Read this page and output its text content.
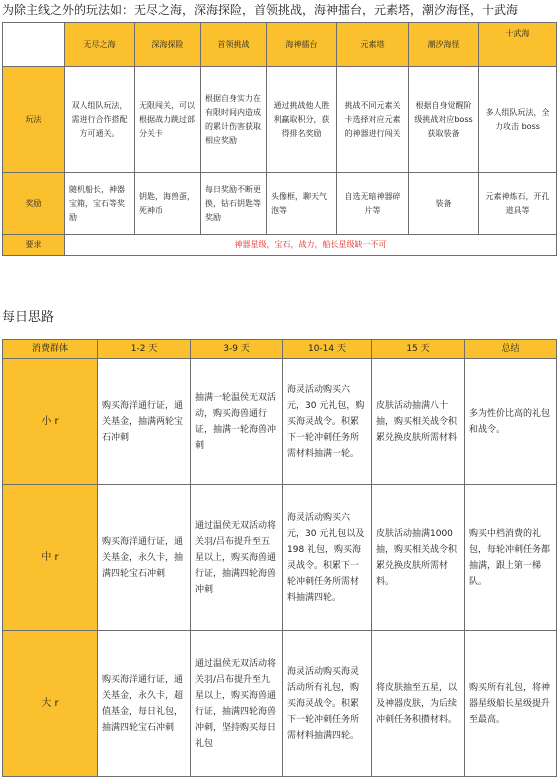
为除主线之外的玩法如：无尽之海，深海探险，首领挑战，海神擂台，元素塔，潮汐海怪，十武海
	无尽之海	深海探险	首领挑战	海神擂台	元素塔	潮汐海怪	十武海
玩法	双人组队玩法，需进行合作搭配方可通关。	无限闯关，可以根据战力跳过部分关卡	根据自身实力在有限时间内造成的累计伤害获取相应奖励	通过挑战他人胜利赢取积分，获得排名奖励	挑战不同元素关卡选择对应元素的神器进行闯关	根据自身觉醒阶级挑战对应boss获取装备	多人组队玩法，全力攻击 boss
奖励	随机船长，神器宝箱，宝石等奖励	钥匙，海兽蛋，死神币	每日奖励不断更换，钻石钥匙等奖励	头像框，聊天气泡等	自选无暗神器碎片等	装备	元素神炼石，开孔道具等
要求	神器星级，宝石，战力，船长星级缺一不可						
每日思路
消费群体	1-2 天	3-9 天	10-14 天	15 天	总结
小 r	购买海洋通行证，通关基金，抽满两轮宝石冲刺	抽满一轮温侯无双活动，购买海兽通行证，抽满一轮海兽冲刺	海灵活动购买六元，30 元礼包，购买海灵战令。积累下一轮冲刺任务所需材料抽满一轮。	皮肤活动抽满八十抽，购买相关战令积累兑换皮肤所需材料	多为性价比高的礼包和战令。
中 r	购买海洋通行证，通关基金，永久卡，抽满四轮宝石冲刺	通过温侯无双活动将关羽/吕布提升至五星以上，购买海兽通行证，抽满四轮海兽冲刺	海灵活动购买六元，30 元礼包以及 198 礼包，购买海灵战令。积累下一轮冲刺任务所需材料抽满四轮。	皮肤活动抽满1000 抽，购买相关战令积累兑换皮肤所需材料。	购买中档消费的礼包，每轮冲刺任务都抽满，跟上第一梯队。
大 r	购买海洋通行证，通关基金，永久卡，超值基金，每日礼包，抽满四轮宝石冲刺	通过温侯无双活动将关羽/吕布提升至九星以上，购买海兽通行证，抽满四轮海兽冲刺，坚持购买每日礼包	海灵活动购买海灵活动所有礼包，购买海灵战令。积累下一轮冲刺任务所需材料抽满四轮。	将皮肤抽至五星，以及神器皮肤，为后续冲刺任务积攒材料。	购买所有礼包，将神器星级船长星级提升至最高。
